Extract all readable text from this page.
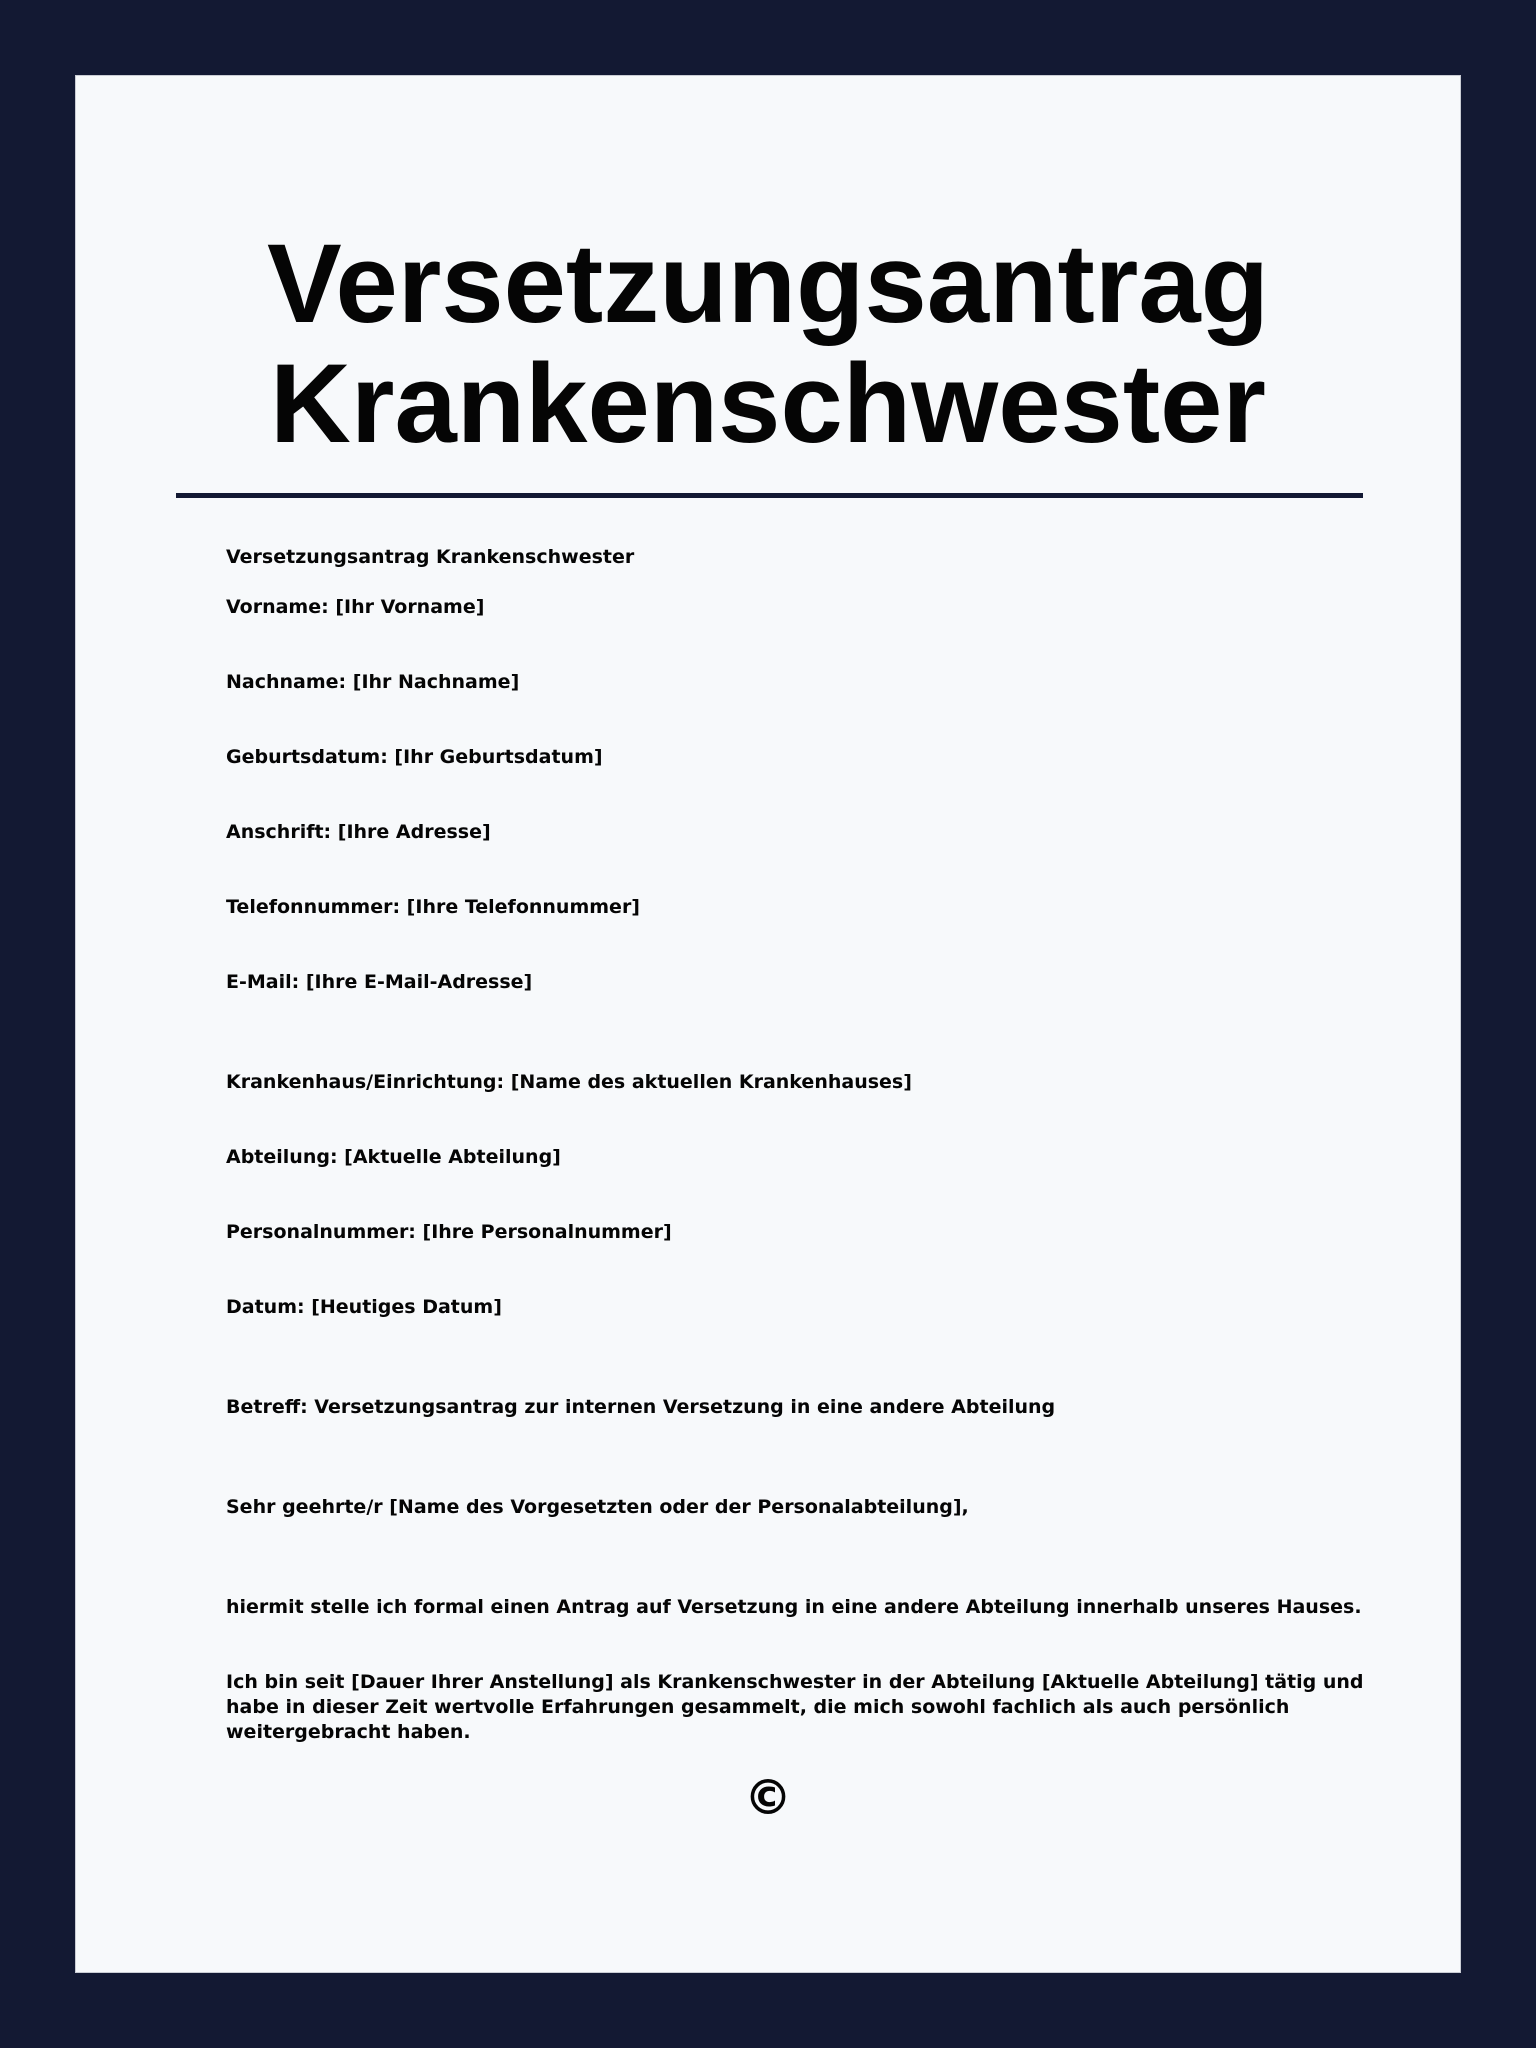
Versetzungsantrag
Krankenschwester
Versetzungsantrag Krankenschwester
Vorname: [Ihr Vorname]
Nachname: [Ihr Nachname]
Geburtsdatum: [Ihr Geburtsdatum]
Anschrift: [Ihre Adresse]
Telefonnummer: [Ihre Telefonnummer]
E-Mail: [Ihre E-Mail-Adresse]
Krankenhaus/Einrichtung: [Name des aktuellen Krankenhauses]
Abteilung: [Aktuelle Abteilung]
Personalnummer: [Ihre Personalnummer]
Datum: [Heutiges Datum]
Betreff: Versetzungsantrag zur internen Versetzung in eine andere Abteilung
Sehr geehrte/r [Name des Vorgesetzten oder der Personalabteilung],
hiermit stelle ich formal einen Antrag auf Versetzung in eine andere Abteilung innerhalb unseres Hauses.
Ich bin seit [Dauer Ihrer Anstellung] als Krankenschwester in der Abteilung [Aktuelle Abteilung] tätig und habe in dieser Zeit wertvolle Erfahrungen gesammelt, die mich sowohl fachlich als auch persönlich weitergebracht haben.
©
